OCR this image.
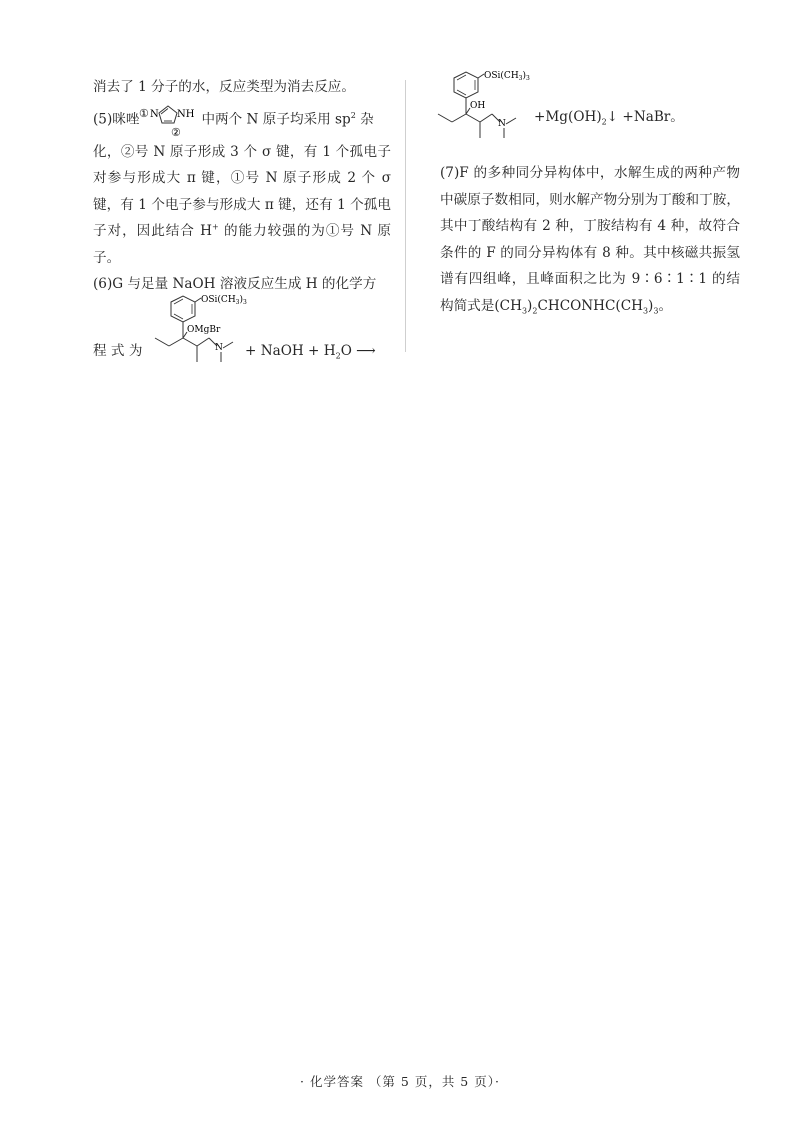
消去了 1 分子的水，反应类型为消去反应。

(5)咪唑 ① N NH
②
中两个 N 原子均采用 $sp^2$ 杂
化，②号 N 原子形成 3 个 σ 键，有 1 个孤电子对参与形成大 π 键，①号 N 原子形成 2 个 σ 键，有 1 个电子参与形成大 π 键，还有 1 个孤电子对，因此结合 H+ 的能力较强的为①号 N 原子。

(6)G 与足量 NaOH 溶液反应生成 H 的化学方

程 式 为
$OSi(CH_3)_3$
OMgBr
N + NaOH + $H_2O$ ⟶
$OSi(CH_3)_3$
OH
$N +Mg(OH)_2↓$ +NaBr。

(7)F 的多种同分异构体中，水解生成的两种产物中碳原子数相同，则水解产物分别为丁酸和丁胺，其中丁酸结构有 2 种，丁胺结构有 4 种，故符合条件的 F 的同分异构体有 8 种。其中核磁共振氢谱有四组峰，且峰面积之比为 9∶6∶1∶1 的结构简式是$(CH_3)_2CHCONHC(CH_3)_3$。

· 化学答案 （第 5 页，共 5 页）·
